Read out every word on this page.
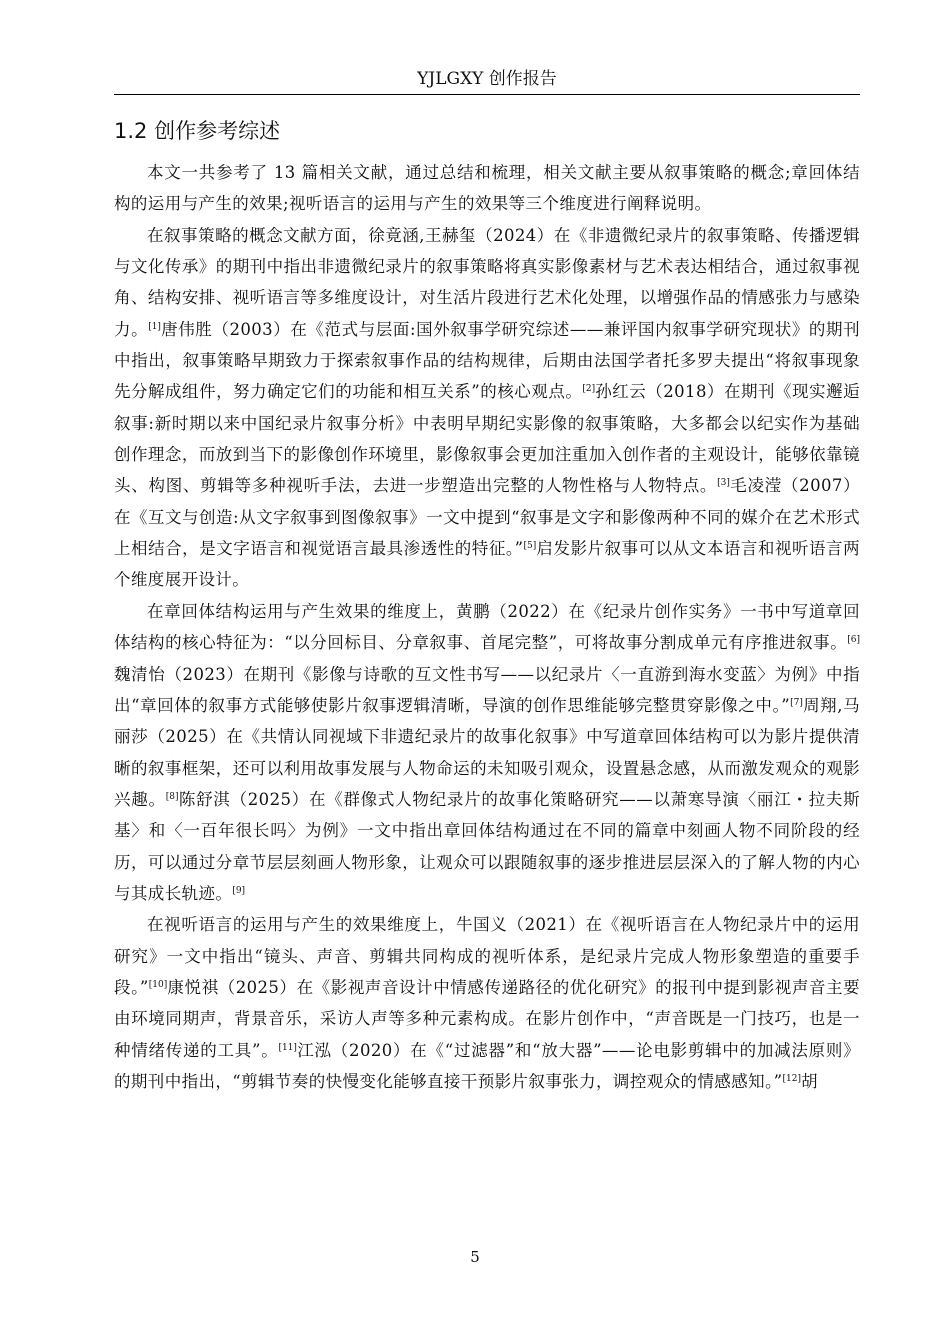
YJLGXY 创作报告
1.2 创作参考综述

本文一共参考了 13 篇相关文献，通过总结和梳理，相关文献主要从叙事策略的概念;章回体结构的运用与产生的效果;视听语言的运用与产生的效果等三个维度进行阐释说明。

在叙事策略的概念文献方面，徐竟涵,王赫玺（2024）在《非遗微纪录片的叙事策略、传播逻辑与文化传承》的期刊中指出非遗微纪录片的叙事策略将真实影像素材与艺术表达相结合，通过叙事视角、结构安排、视听语言等多维度设计，对生活片段进行艺术化处理，以增强作品的情感张力与感染力。[1]唐伟胜（2003）在《范式与层面:国外叙事学研究综述——兼评国内叙事学研究现状》的期刊中指出，叙事策略早期致力于探索叙事作品的结构规律，后期由法国学者托多罗夫提出“将叙事现象先分解成组件，努力确定它们的功能和相互关系”的核心观点。[2]孙红云（2018）在期刊《现实邂逅叙事:新时期以来中国纪录片叙事分析》中表明早期纪实影像的叙事策略，大多都会以纪实作为基础创作理念，而放到当下的影像创作环境里，影像叙事会更加注重加入创作者的主观设计，能够依靠镜头、构图、剪辑等多种视听手法，去进一步塑造出完整的人物性格与人物特点。[3]毛凌滢（2007）在《互文与创造:从文字叙事到图像叙事》一文中提到“叙事是文字和影像两种不同的媒介在艺术形式上相结合，是文字语言和视觉语言最具渗透性的特征。”[5]启发影片叙事可以从文本语言和视听语言两个维度展开设计。

在章回体结构运用与产生效果的维度上，黄鹏（2022）在《纪录片创作实务》一书中写道章回体结构的核心特征为：“以分回标目、分章叙事、首尾完整”，可将故事分割成单元有序推进叙事。[6]魏清怡（2023）在期刊《影像与诗歌的互文性书写——以纪录片〈一直游到海水变蓝〉为例》中指出“章回体的叙事方式能够使影片叙事逻辑清晰，导演的创作思维能够完整贯穿影像之中。”[7]周翔,马丽莎（2025）在《共情认同视域下非遗纪录片的故事化叙事》中写道章回体结构可以为影片提供清晰的叙事框架，还可以利用故事发展与人物命运的未知吸引观众，设置悬念感，从而激发观众的观影兴趣。[8]陈舒淇（2025）在《群像式人物纪录片的故事化策略研究——以萧寒导演〈丽江・拉夫斯基〉和〈一百年很长吗〉为例》一文中指出章回体结构通过在不同的篇章中刻画人物不同阶段的经历，可以通过分章节层层刻画人物形象，让观众可以跟随叙事的逐步推进层层深入的了解人物的内心与其成长轨迹。[9]

在视听语言的运用与产生的效果维度上，牛国义（2021）在《视听语言在人物纪录片中的运用研究》一文中指出“镜头、声音、剪辑共同构成的视听体系，是纪录片完成人物形象塑造的重要手段。”[10]康悦祺（2025）在《影视声音设计中情感传递路径的优化研究》的报刊中提到影视声音主要由环境同期声，背景音乐，采访人声等多种元素构成。在影片创作中，“声音既是一门技巧，也是一种情绪传递的工具”。[11]江泓（2020）在《“过滤器”和“放大器”——论电影剪辑中的加减法原则》的期刊中指出，“剪辑节奏的快慢变化能够直接干预影片叙事张力，调控观众的情感感知。”[12]胡

5
